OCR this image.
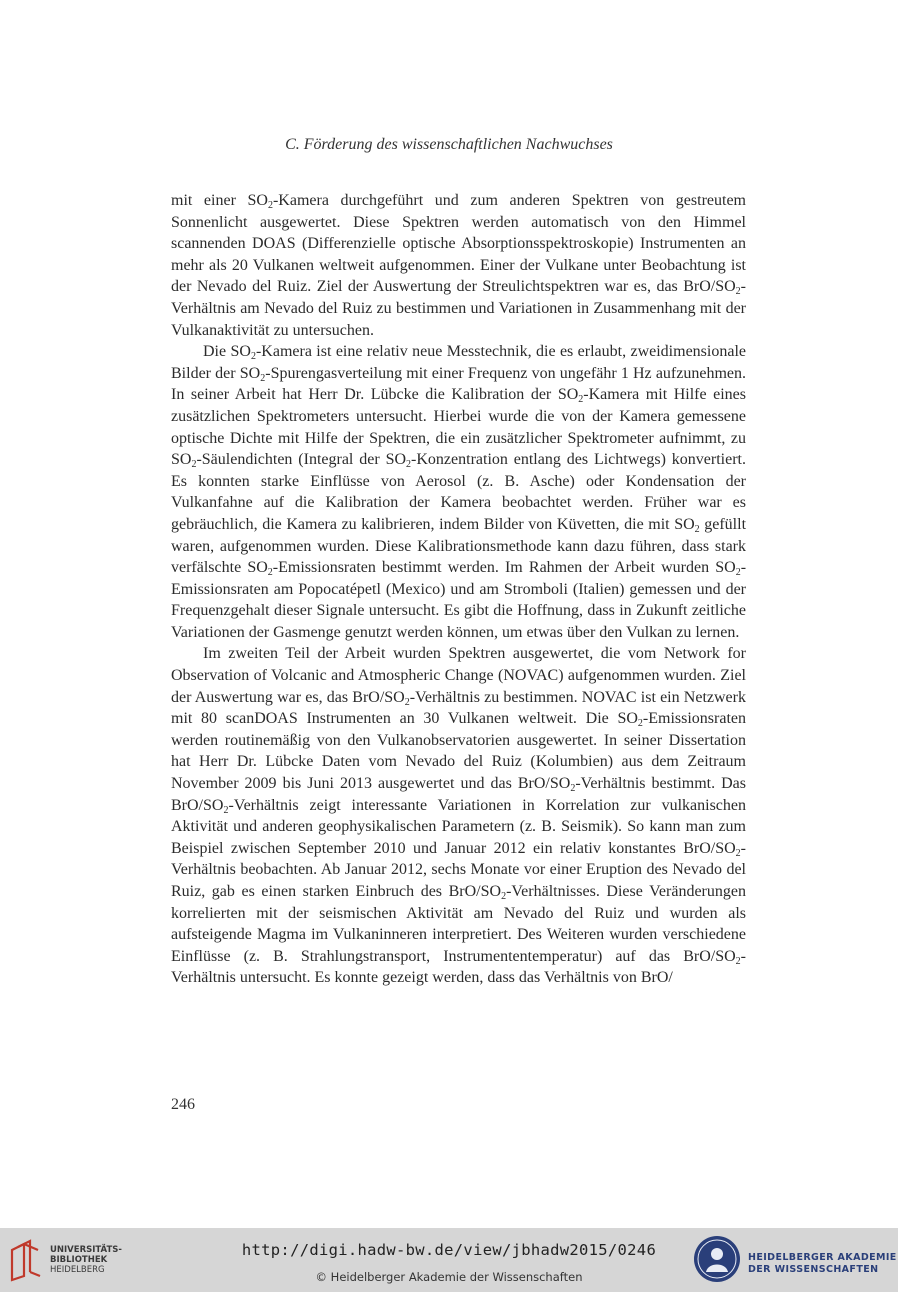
C. Förderung des wissenschaftlichen Nachwuchses

mit einer $SO_2$-Kamera durchgeführt und zum anderen Spektren von gestreutem Sonnenlicht ausgewertet. Diese Spektren werden automatisch von den Himmel scannenden DOAS (Differenzielle optische Absorptionsspektroskopie) Instrumenten an mehr als 20 Vulkanen weltweit aufgenommen. Einer der Vulkane unter Beobachtung ist der Nevado del Ruiz. Ziel der Auswertung der Streulichtspektren war es, das BrO/$SO_2$-Verhältnis am Nevado del Ruiz zu bestimmen und Variationen in Zusammenhang mit der Vulkanaktivität zu untersuchen.

Die $SO_2$-Kamera ist eine relativ neue Messtechnik, die es erlaubt, zweidimensionale Bilder der $SO_2$-Spurengasverteilung mit einer Frequenz von ungefähr 1 Hz aufzunehmen. In seiner Arbeit hat Herr Dr. Lübcke die Kalibration der $SO_2$-Kamera mit Hilfe eines zusätzlichen Spektrometers untersucht. Hierbei wurde die von der Kamera gemessene optische Dichte mit Hilfe der Spektren, die ein zusätzlicher Spektrometer aufnimmt, zu $SO_2$-Säulendichten (Integral der $SO_2$-Konzentration entlang des Lichtwegs) konvertiert. Es konnten starke Einflüsse von Aerosol (z. B. Asche) oder Kondensation der Vulkanfahne auf die Kalibration der Kamera beobachtet werden. Früher war es gebräuchlich, die Kamera zu kalibrieren, indem Bilder von Küvetten, die mit $SO_2$ gefüllt waren, aufgenommen wurden. Diese Kalibrationsmethode kann dazu führen, dass stark verfälschte $SO_2$-Emissionsraten bestimmt werden. Im Rahmen der Arbeit wurden $SO_2$-Emissionsraten am Popocatépetl (Mexico) und am Stromboli (Italien) gemessen und der Frequenzgehalt dieser Signale untersucht. Es gibt die Hoffnung, dass in Zukunft zeitliche Variationen der Gasmenge genutzt werden können, um etwas über den Vulkan zu lernen.

Im zweiten Teil der Arbeit wurden Spektren ausgewertet, die vom Network for Observation of Volcanic and Atmospheric Change (NOVAC) aufgenommen wurden. Ziel der Auswertung war es, das BrO/$SO_2$-Verhältnis zu bestimmen. NOVAC ist ein Netzwerk mit 80 scanDOAS Instrumenten an 30 Vulkanen weltweit. Die $SO_2$-Emissionsraten werden routinemäßig von den Vulkanobservatorien ausgewertet. In seiner Dissertation hat Herr Dr. Lübcke Daten vom Nevado del Ruiz (Kolumbien) aus dem Zeitraum November 2009 bis Juni 2013 ausgewertet und das BrO/$SO_2$-Verhältnis bestimmt. Das BrO/$SO_2$-Verhältnis zeigt interessante Variationen in Korrelation zur vulkanischen Aktivität und anderen geophysikalischen Parametern (z. B. Seismik). So kann man zum Beispiel zwischen September 2010 und Januar 2012 ein relativ konstantes BrO/$SO_2$-Verhältnis beobachten. Ab Januar 2012, sechs Monate vor einer Eruption des Nevado del Ruiz, gab es einen starken Einbruch des BrO/$SO_2$-Verhältnisses. Diese Veränderungen korrelierten mit der seismischen Aktivität am Nevado del Ruiz und wurden als aufsteigende Magma im Vulkaninneren interpretiert. Des Weiteren wurden verschiedene Einflüsse (z. B. Strahlungstransport, Instrumententemperatur) auf das BrO/$SO_2$-Verhältnis untersucht. Es konnte gezeigt werden, dass das Verhältnis von BrO/

246
UNIVERSITÄTS-
BIBLIOTHEK
HEIDELBERG
http://digi.hadw-bw.de/view/jbhadw2015/0246
© Heidelberger Akademie der Wissenschaften
HEIDELBERGER AKADEMIE
DER WISSENSCHAFTEN
